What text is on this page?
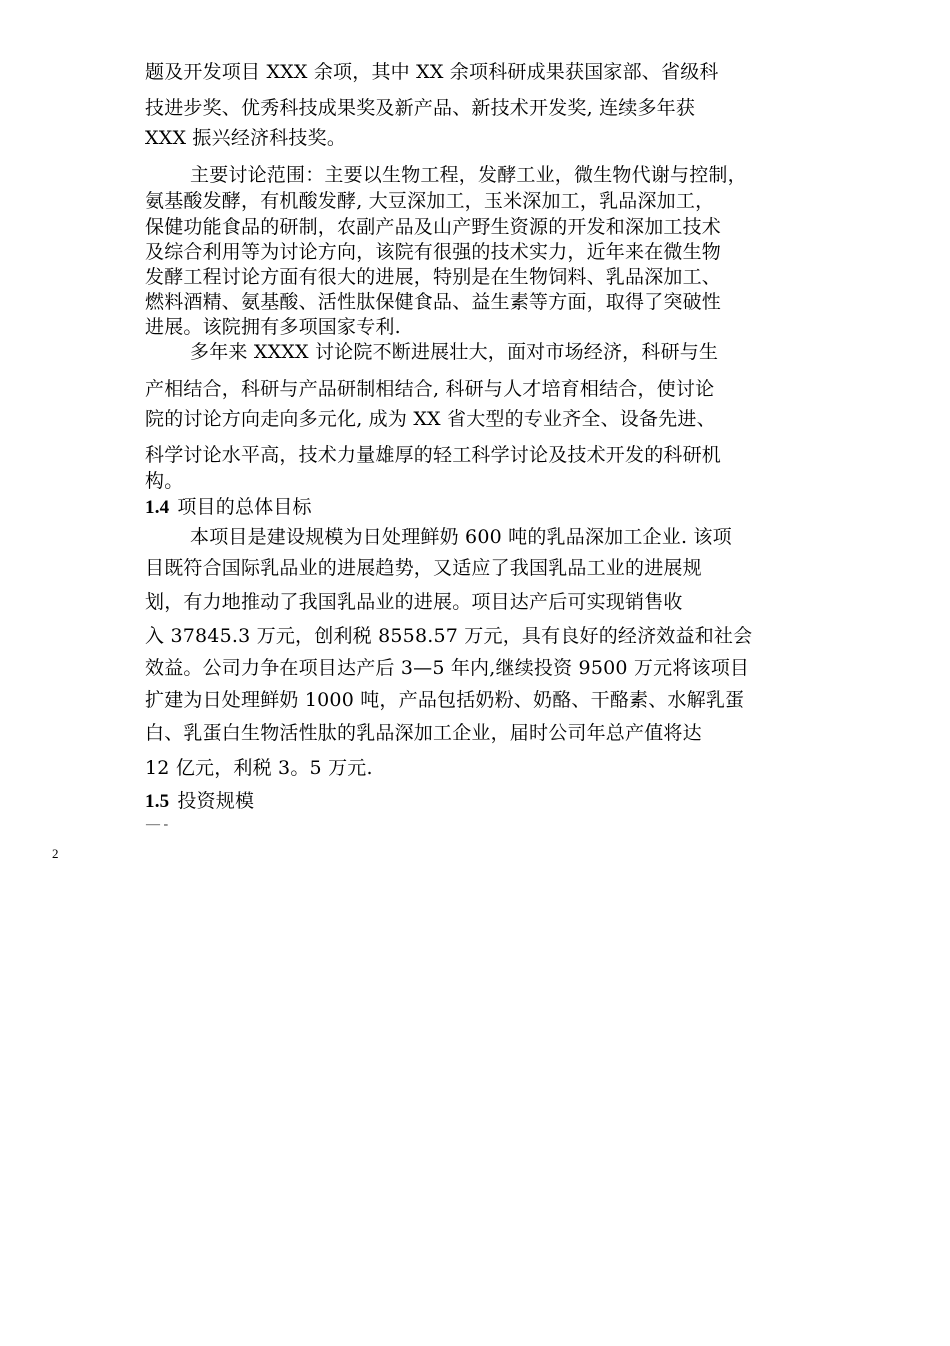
题及开发项目 XXX 余项，其中 XX 余项科研成果获国家部、省级科
技进步奖、优秀科技成果奖及新产品、新技术开发奖, 连续多年获
XXX 振兴经济科技奖。
主要讨论范围：主要以生物工程，发酵工业，微生物代谢与控制，
氨基酸发酵，有机酸发酵, 大豆深加工，玉米深加工，乳品深加工，
保健功能食品的研制，农副产品及山产野生资源的开发和深加工技术
及综合利用等为讨论方向，该院有很强的技术实力，近年来在微生物
发酵工程讨论方面有很大的进展，特别是在生物饲料、乳品深加工、
燃料酒精、氨基酸、活性肽保健食品、益生素等方面，取得了突破性
进展。该院拥有多项国家专利.
多年来 XXXX 讨论院不断进展壮大，面对市场经济，科研与生
产相结合，科研与产品研制相结合, 科研与人才培育相结合，使讨论
院的讨论方向走向多元化, 成为 XX 省大型的专业齐全、设备先进、
科学讨论水平高，技术力量雄厚的轻工科学讨论及技术开发的科研机
构。
1.4 项目的总体目标
本项目是建设规模为日处理鲜奶 600 吨的乳品深加工企业. 该项
目既符合国际乳品业的进展趋势，又适应了我国乳品工业的进展规
划，有力地推动了我国乳品业的进展。项目达产后可实现销售收
入 37845.3 万元，创利税 8558.57 万元，具有良好的经济效益和社会
效益。公司力争在项目达产后 3—5 年内,继续投资 9500 万元将该项目
扩建为日处理鲜奶 1000 吨，产品包括奶粉、奶酪、干酪素、水解乳蛋
白、乳蛋白生物活性肽的乳品深加工企业，届时公司年总产值将达
12 亿元，利税 3。5 万元.
1.5 投资规模
— -
2
